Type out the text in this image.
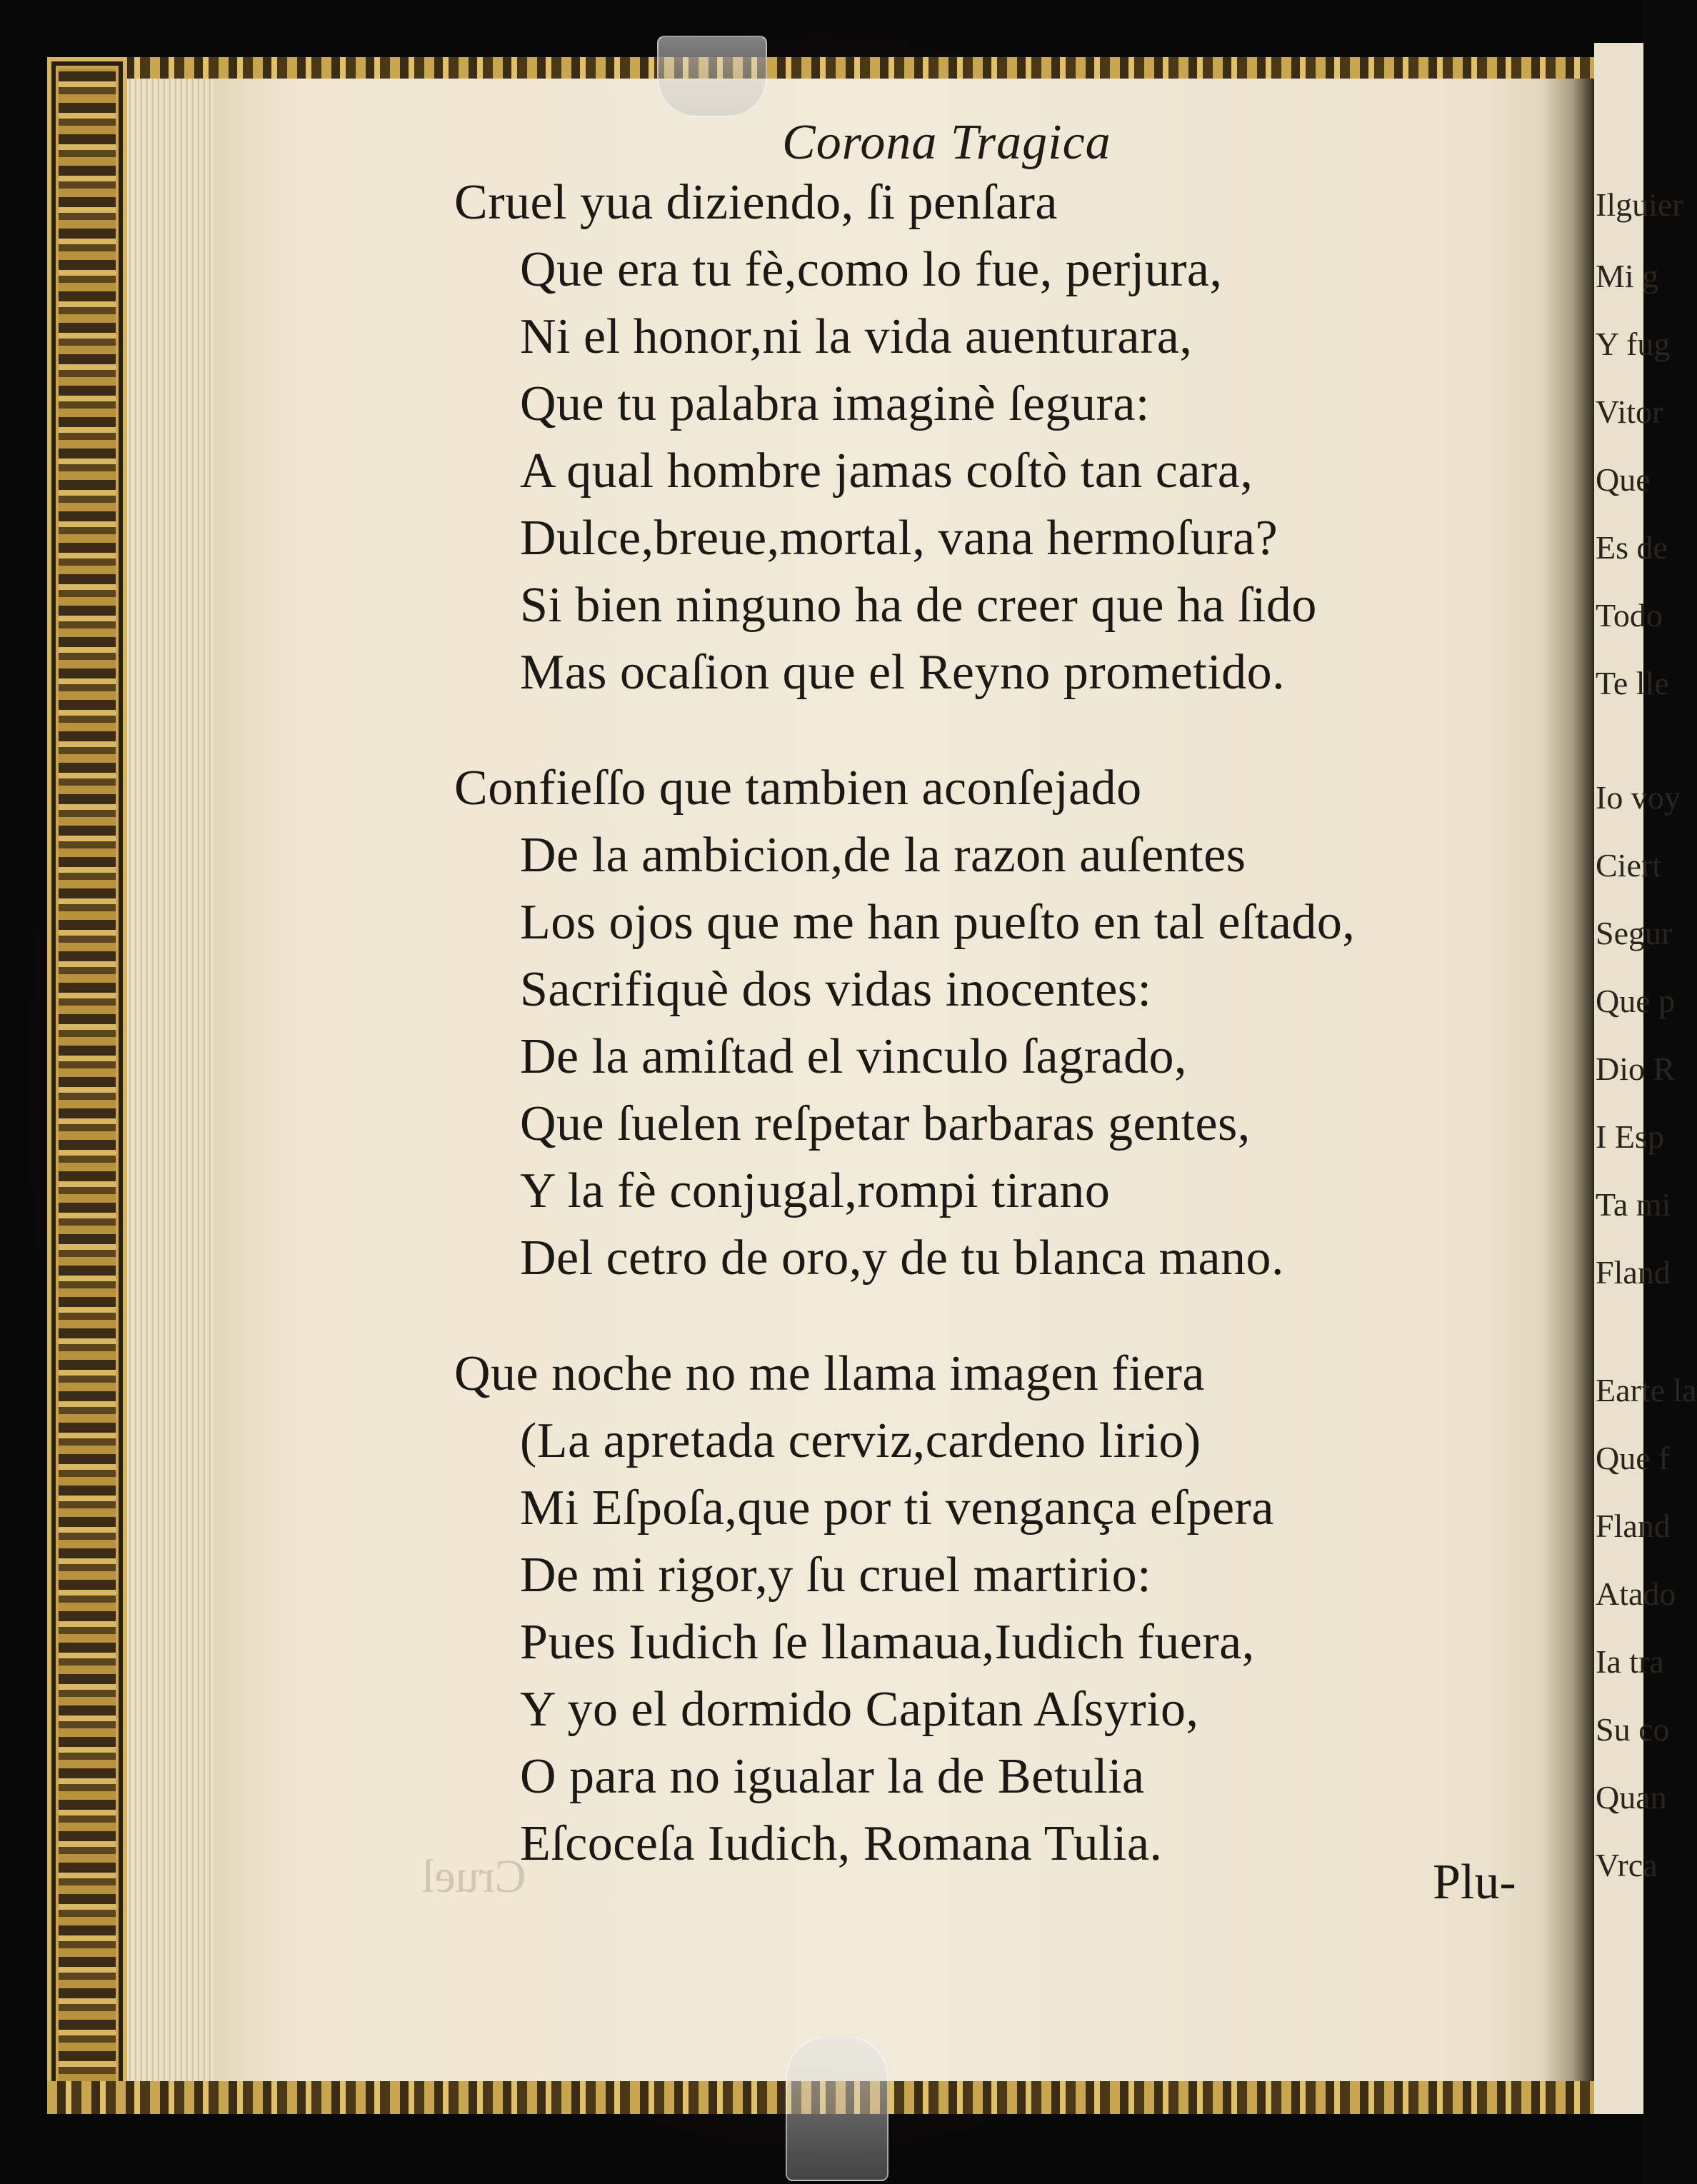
Ilguier
Mi g
Y fug
Vitor
Que
Es de
Todo
Te lle
Io voy
Ciert
Segur
Que p
Dio R
I Esp
Ta mi
Fland
Earte la
Que f
Fland
Atado
Ia tra
Su co
Quan
Vrca
Corona Tragica
Cruel yua diziendo, ſi penſara
Que era tu fè,como lo fue, perjura,
Ni el honor,ni la vida auenturara,
Que tu palabra imaginè ſegura:
A qual hombre jamas coſtò tan cara,
Dulce,breue,mortal, vana hermoſura?
Si bien ninguno ha de creer que ha ſido
Mas ocaſion que el Reyno prometido.
Confieſſo que tambien aconſejado
De la ambicion,de la razon auſentes
Los ojos que me han pueſto en tal eſtado,
Sacrifiquè dos vidas inocentes:
De la amiſtad el vinculo ſagrado,
Que ſuelen reſpetar barbaras gentes,
Y la fè conjugal,rompi tirano
Del cetro de oro,y de tu blanca mano.
Que noche no me llama imagen fiera
(La apretada cerviz,cardeno lirio)
Mi Eſpoſa,que por ti vengança eſpera
De mi rigor,y ſu cruel martirio:
Pues Iudich ſe llamaua,Iudich fuera,
Y yo el dormido Capitan Aſsyrio,
O para no igualar la de Betulia
Eſcoceſa Iudich, Romana Tulia.
Cruel	Plu-
